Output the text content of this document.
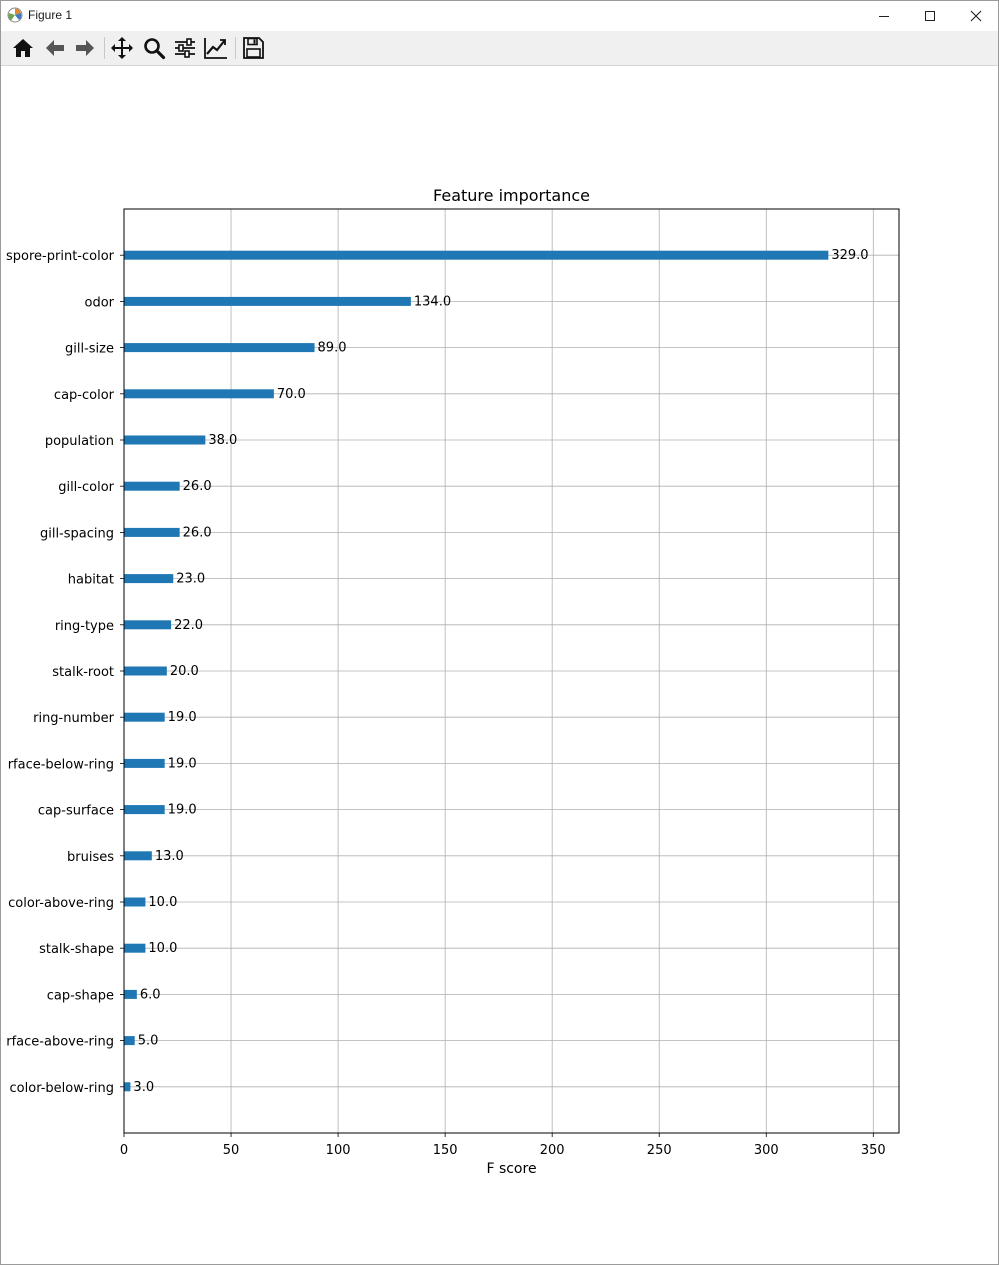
Figure 1
0	50	100	150	200	250	300	350
spore-print-color	329.0
odor	134.0
gill-size	89.0
cap-color	70.0
population	38.0
gill-color	26.0
gill-spacing	26.0
habitat	23.0
ring-type	22.0
stalk-root	20.0
ring-number	19.0
rface-below-ring	19.0
cap-surface	19.0
bruises	13.0
color-above-ring	10.0
stalk-shape	10.0
cap-shape 6.0
rface-above-ring 5.0
color-below-ring 3.0
Feature importance
F score
